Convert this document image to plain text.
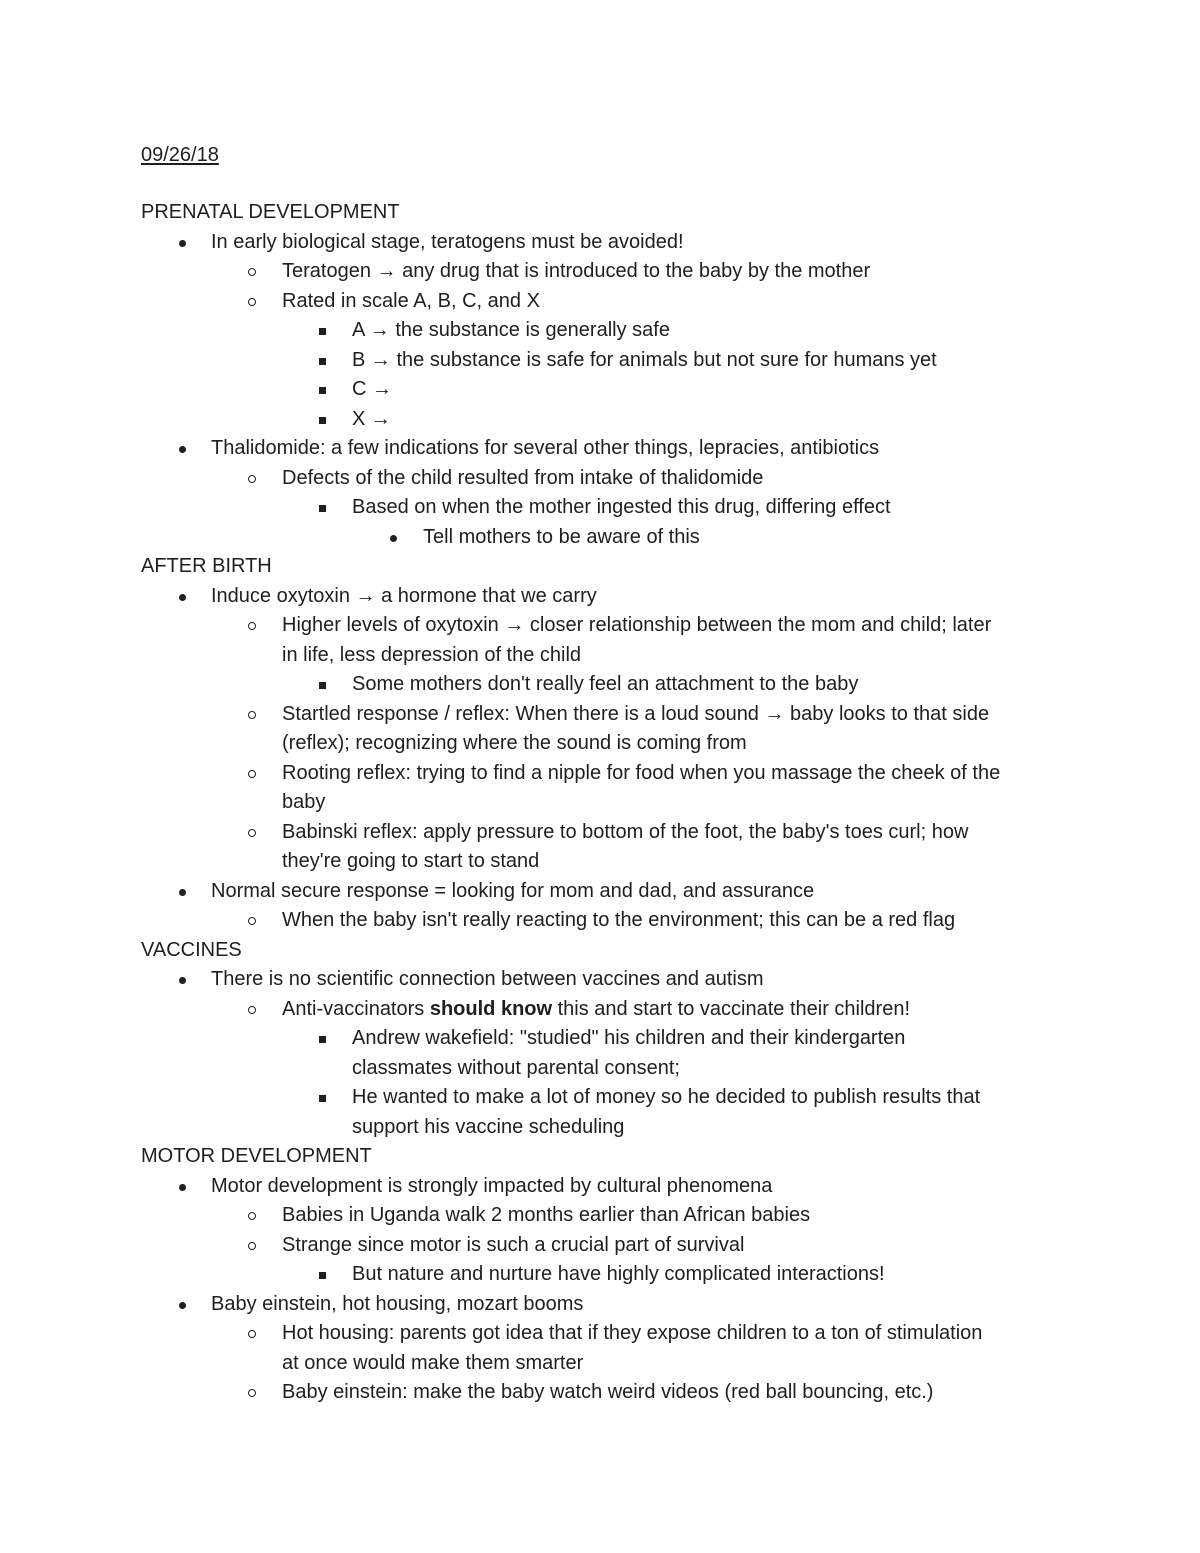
09/26/18
PRENATAL DEVELOPMENT
In early biological stage, teratogens must be avoided!
Teratogen → any drug that is introduced to the baby by the mother
Rated in scale A, B, C, and X
A → the substance is generally safe
B → the substance is safe for animals but not sure for humans yet
C →
X →
Thalidomide: a few indications for several other things, lepracies, antibiotics
Defects of the child resulted from intake of thalidomide
Based on when the mother ingested this drug, differing effect
Tell mothers to be aware of this
AFTER BIRTH
Induce oxytoxin → a hormone that we carry
Higher levels of oxytoxin → closer relationship between the mom and child; later
in life, less depression of the child
Some mothers don't really feel an attachment to the baby
Startled response / reflex: When there is a loud sound → baby looks to that side
(reflex); recognizing where the sound is coming from
Rooting reflex: trying to find a nipple for food when you massage the cheek of the
baby
Babinski reflex: apply pressure to bottom of the foot, the baby's toes curl; how
they're going to start to stand
Normal secure response = looking for mom and dad, and assurance
When the baby isn't really reacting to the environment; this can be a red flag
VACCINES
There is no scientific connection between vaccines and autism
Anti-vaccinators should know this and start to vaccinate their children!
Andrew wakefield: "studied" his children and their kindergarten
classmates without parental consent;
He wanted to make a lot of money so he decided to publish results that
support his vaccine scheduling
MOTOR DEVELOPMENT
Motor development is strongly impacted by cultural phenomena
Babies in Uganda walk 2 months earlier than African babies
Strange since motor is such a crucial part of survival
But nature and nurture have highly complicated interactions!
Baby einstein, hot housing, mozart booms
Hot housing: parents got idea that if they expose children to a ton of stimulation
at once would make them smarter
Baby einstein: make the baby watch weird videos (red ball bouncing, etc.)
